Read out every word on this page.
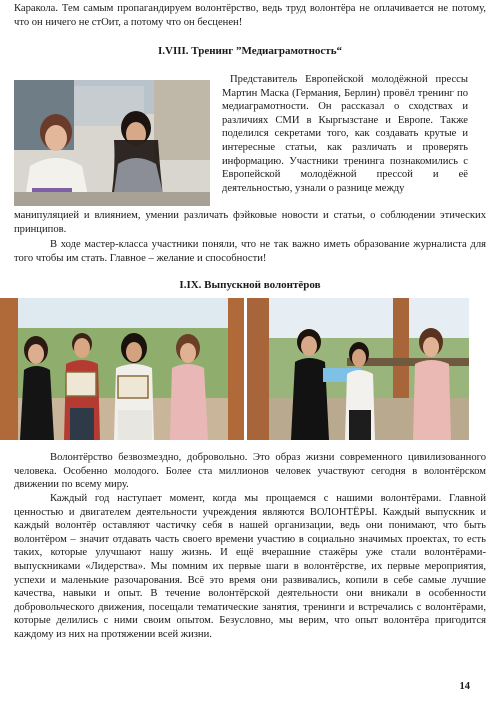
Каракола. Тем самым пропагандируем волонтёрство, ведь труд волонтёра не оплачивается не потому, что он ничего не стОит, а потому что он бесценен!

I.VIII. Тренинг ”Медиаграмотность“

Представитель Европейской молодёжной прессы Мартин Маска (Германия, Берлин) провёл тренинг по медиаграмотности. Он рассказал о сходствах и различиях СМИ в Кыргызстане и Европе. Также поделился секретами того, как создавать крутые и интересные статьи, как различать и проверять информацию. Участники тренинга познакомились с Европейской молодёжной прессой и её деятельностью, узнали о разнице между

манипуляцией и влиянием, умении различать фэйковые новости и статьи, о соблюдении этических принципов.

В ходе мастер-класса участники поняли, что не так важно иметь образование журналиста для того чтобы им стать. Главное – желание и способности!

I.IX. Выпускной волонтёров

Волонтёрство безвозмездно, добровольно. Это образ жизни современного цивилизованного человека. Особенно молодого. Более ста миллионов человек участвуют сегодня в волонтёрском движении по всему миру.

Каждый год наступает момент, когда мы прощаемся с нашими волонтёрами. Главной ценностью и двигателем деятельности учреждения являются ВОЛОНТЁРЫ. Каждый выпускник и каждый волонтёр оставляют частичку себя в нашей организации, ведь они понимают, что быть волонтёром – значит отдавать часть своего времени участию в социально значимых проектах, то есть таких, которые улучшают нашу жизнь. И ещё вчерашние стажёры уже стали волонтёрами-выпускниками «Лидерства». Мы помним их первые шаги в волонтёрстве, их первые мероприятия, успехи и маленькие разочарования. Всё это время они развивались, копили в себе самые лучшие качества, навыки и опыт. В течение волонтёрской деятельности они вникали в особенности добровольческого движения, посещали тематические занятия, тренинги и встречались с волонтёрами, которые делились с ними своим опытом. Безусловно, мы верим, что опыт волонтёра пригодится каждому из них на протяжении всей жизни.

14
